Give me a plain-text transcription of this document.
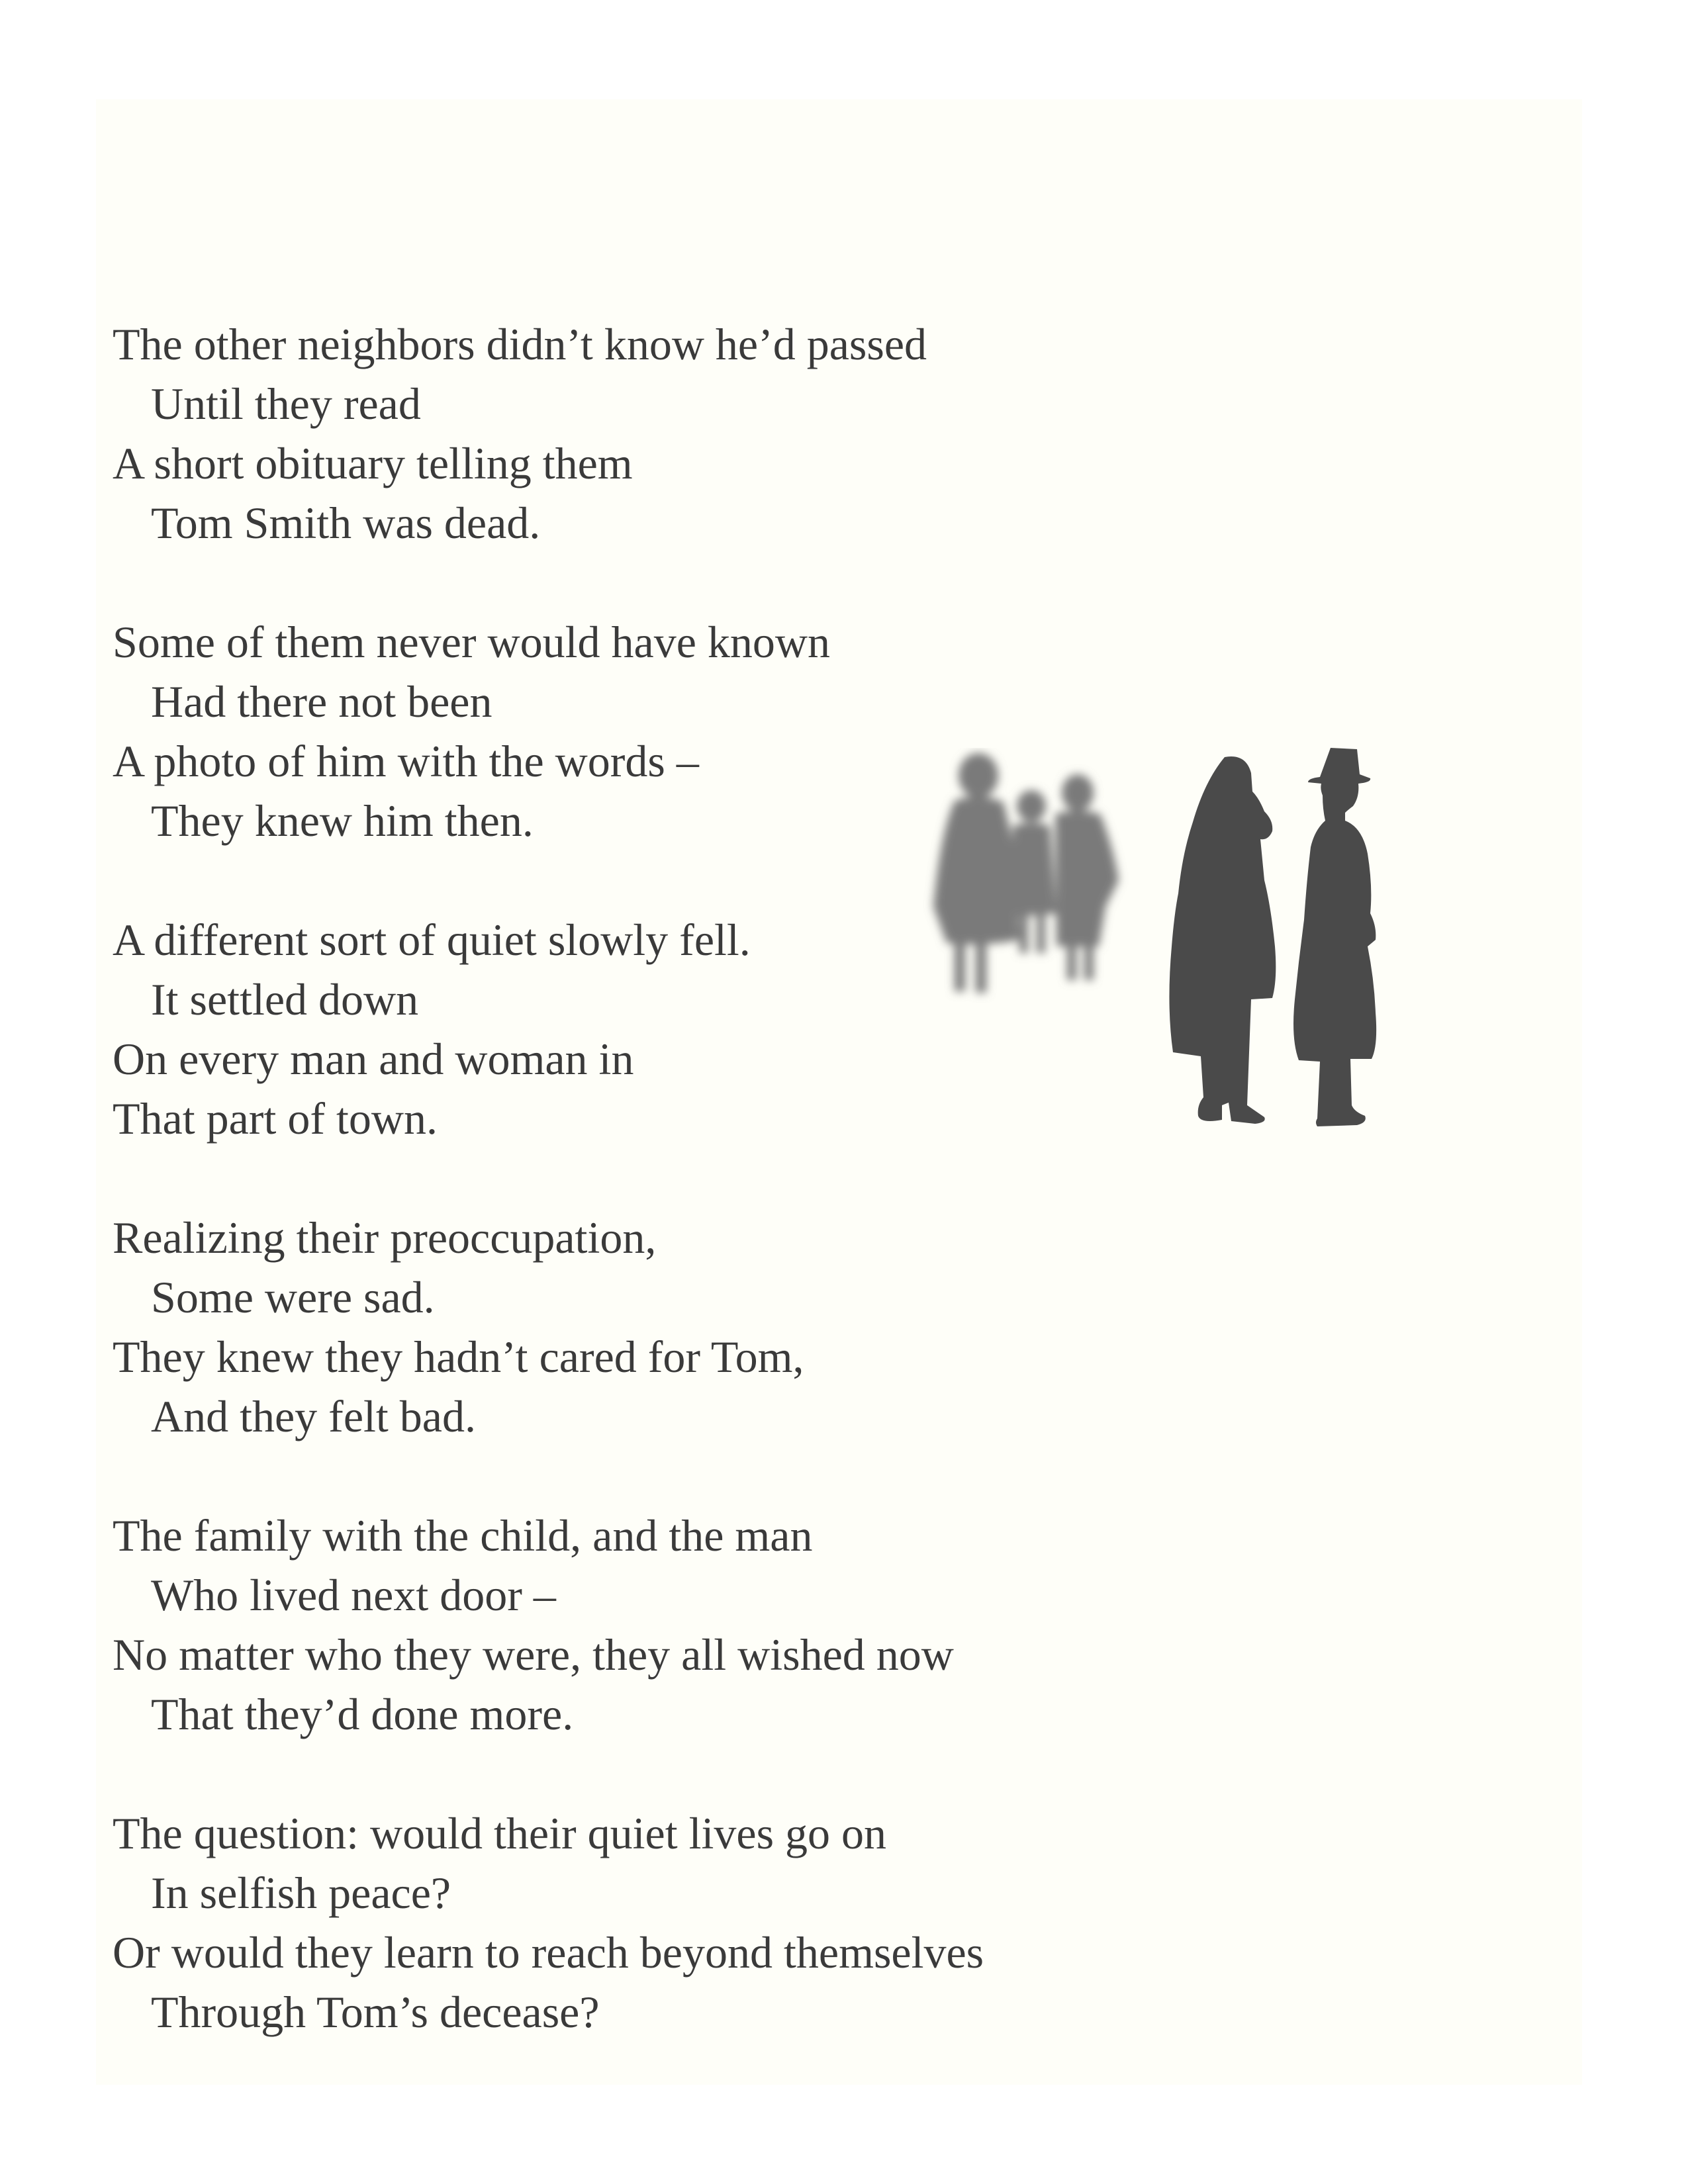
The other neighbors didn’t know he’d passed
Until they read
A short obituary telling them
Tom Smith was dead.
Some of them never would have known
Had there not been
A photo of him with the words –
They knew him then.
A different sort of quiet slowly fell.
It settled down
On every man and woman in
That part of town.
Realizing their preoccupation,
Some were sad.
They knew they hadn’t cared for Tom,
And they felt bad.
The family with the child, and the man
Who lived next door –
No matter who they were, they all wished now
That they’d done more.
The question: would their quiet lives go on
In selfish peace?
Or would they learn to reach beyond themselves
Through Tom’s decease?
